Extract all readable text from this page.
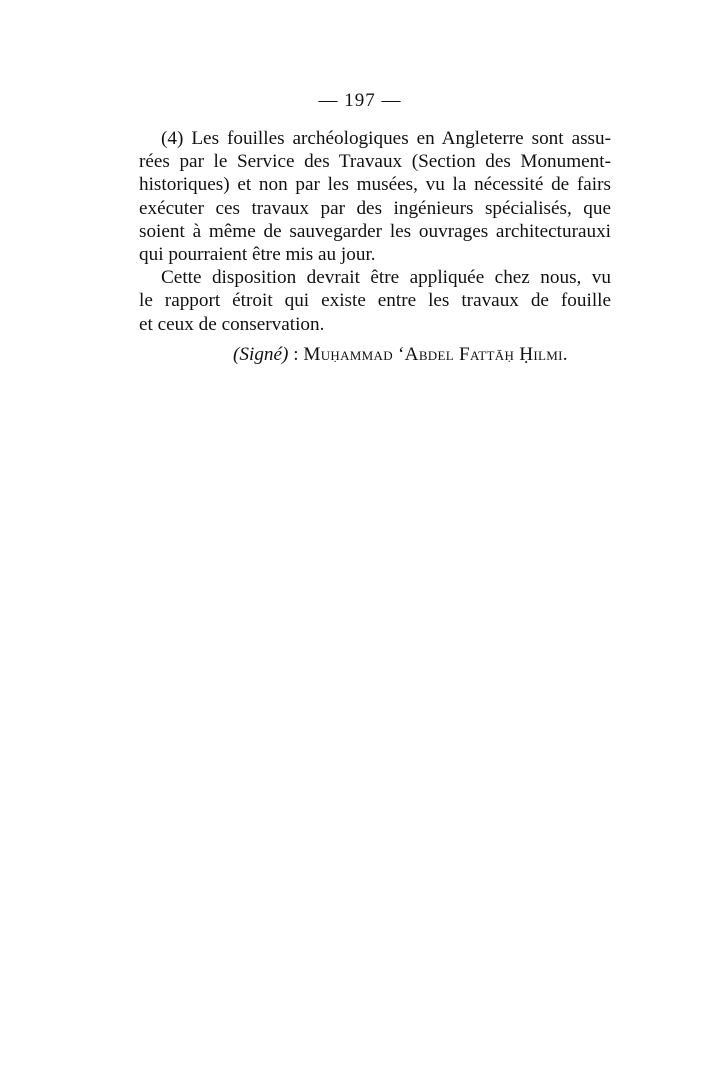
— 197 —
(4) Les fouilles archéologiques en Angleterre sont assu-
rées par le Service des Travaux (Section des Monument-
historiques) et non par les musées, vu la nécessité de fairs
exécuter ces travaux par des ingénieurs spécialisés, que
soient à même de sauvegarder les ouvrages architecturauxi
qui pourraient être mis au jour.
Cette disposition devrait être appliquée chez nous, vu
le rapport étroit qui existe entre les travaux de fouille
et ceux de conservation.
(Signé) : Muḥammad ‘Abdel Fattāḥ Ḥilmi.
